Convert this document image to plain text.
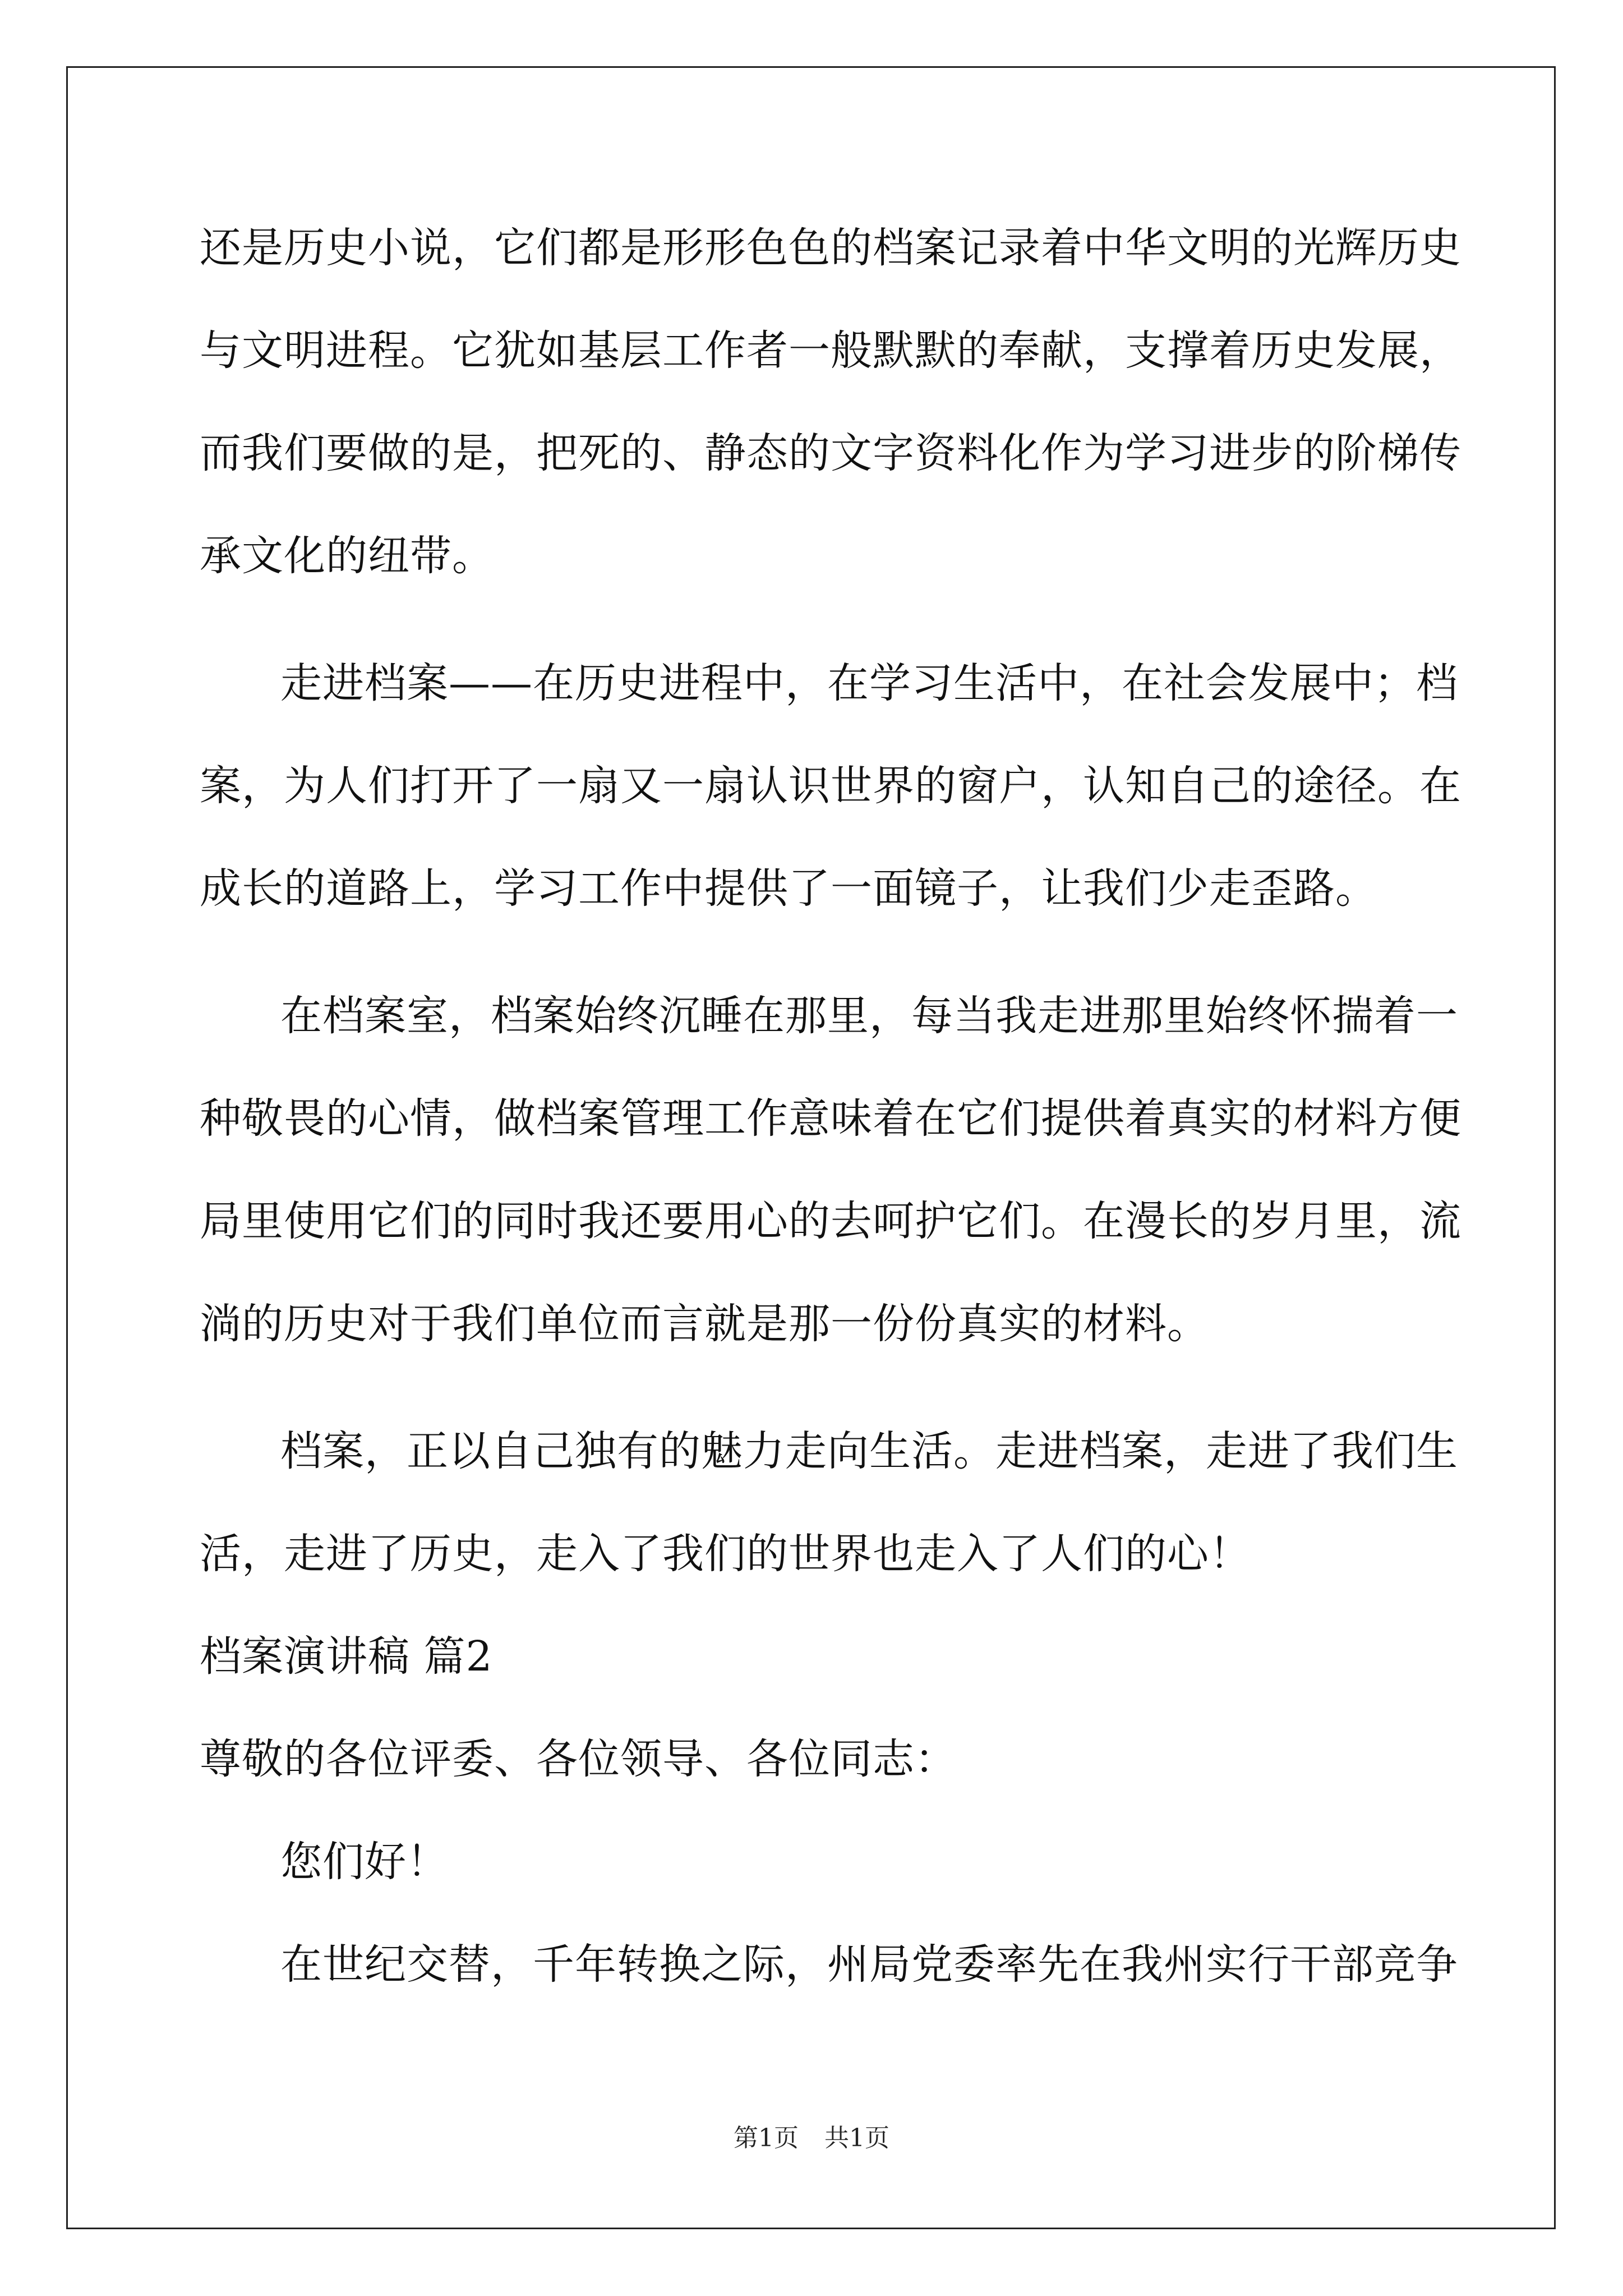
还是历史小说，它们都是形形色色的档案记录着中华文明的光辉历史
与文明进程。它犹如基层工作者一般默默的奉献，支撑着历史发展，
而我们要做的是，把死的、静态的文字资料化作为学习进步的阶梯传
承文化的纽带。
走进档案——在历史进程中，在学习生活中，在社会发展中；档
案，为人们打开了一扇又一扇认识世界的窗户，认知自己的途径。在
成长的道路上，学习工作中提供了一面镜子，让我们少走歪路。
在档案室，档案始终沉睡在那里，每当我走进那里始终怀揣着一
种敬畏的心情，做档案管理工作意味着在它们提供着真实的材料方便
局里使用它们的同时我还要用心的去呵护它们。在漫长的岁月里，流
淌的历史对于我们单位而言就是那一份份真实的材料。
档案，正以自己独有的魅力走向生活。走进档案，走进了我们生
活，走进了历史，走入了我们的世界也走入了人们的心！
档案演讲稿 篇2
尊敬的各位评委、各位领导、各位同志：
您们好！
在世纪交替，千年转换之际，州局党委率先在我州实行干部竞争
第1页 共1页
